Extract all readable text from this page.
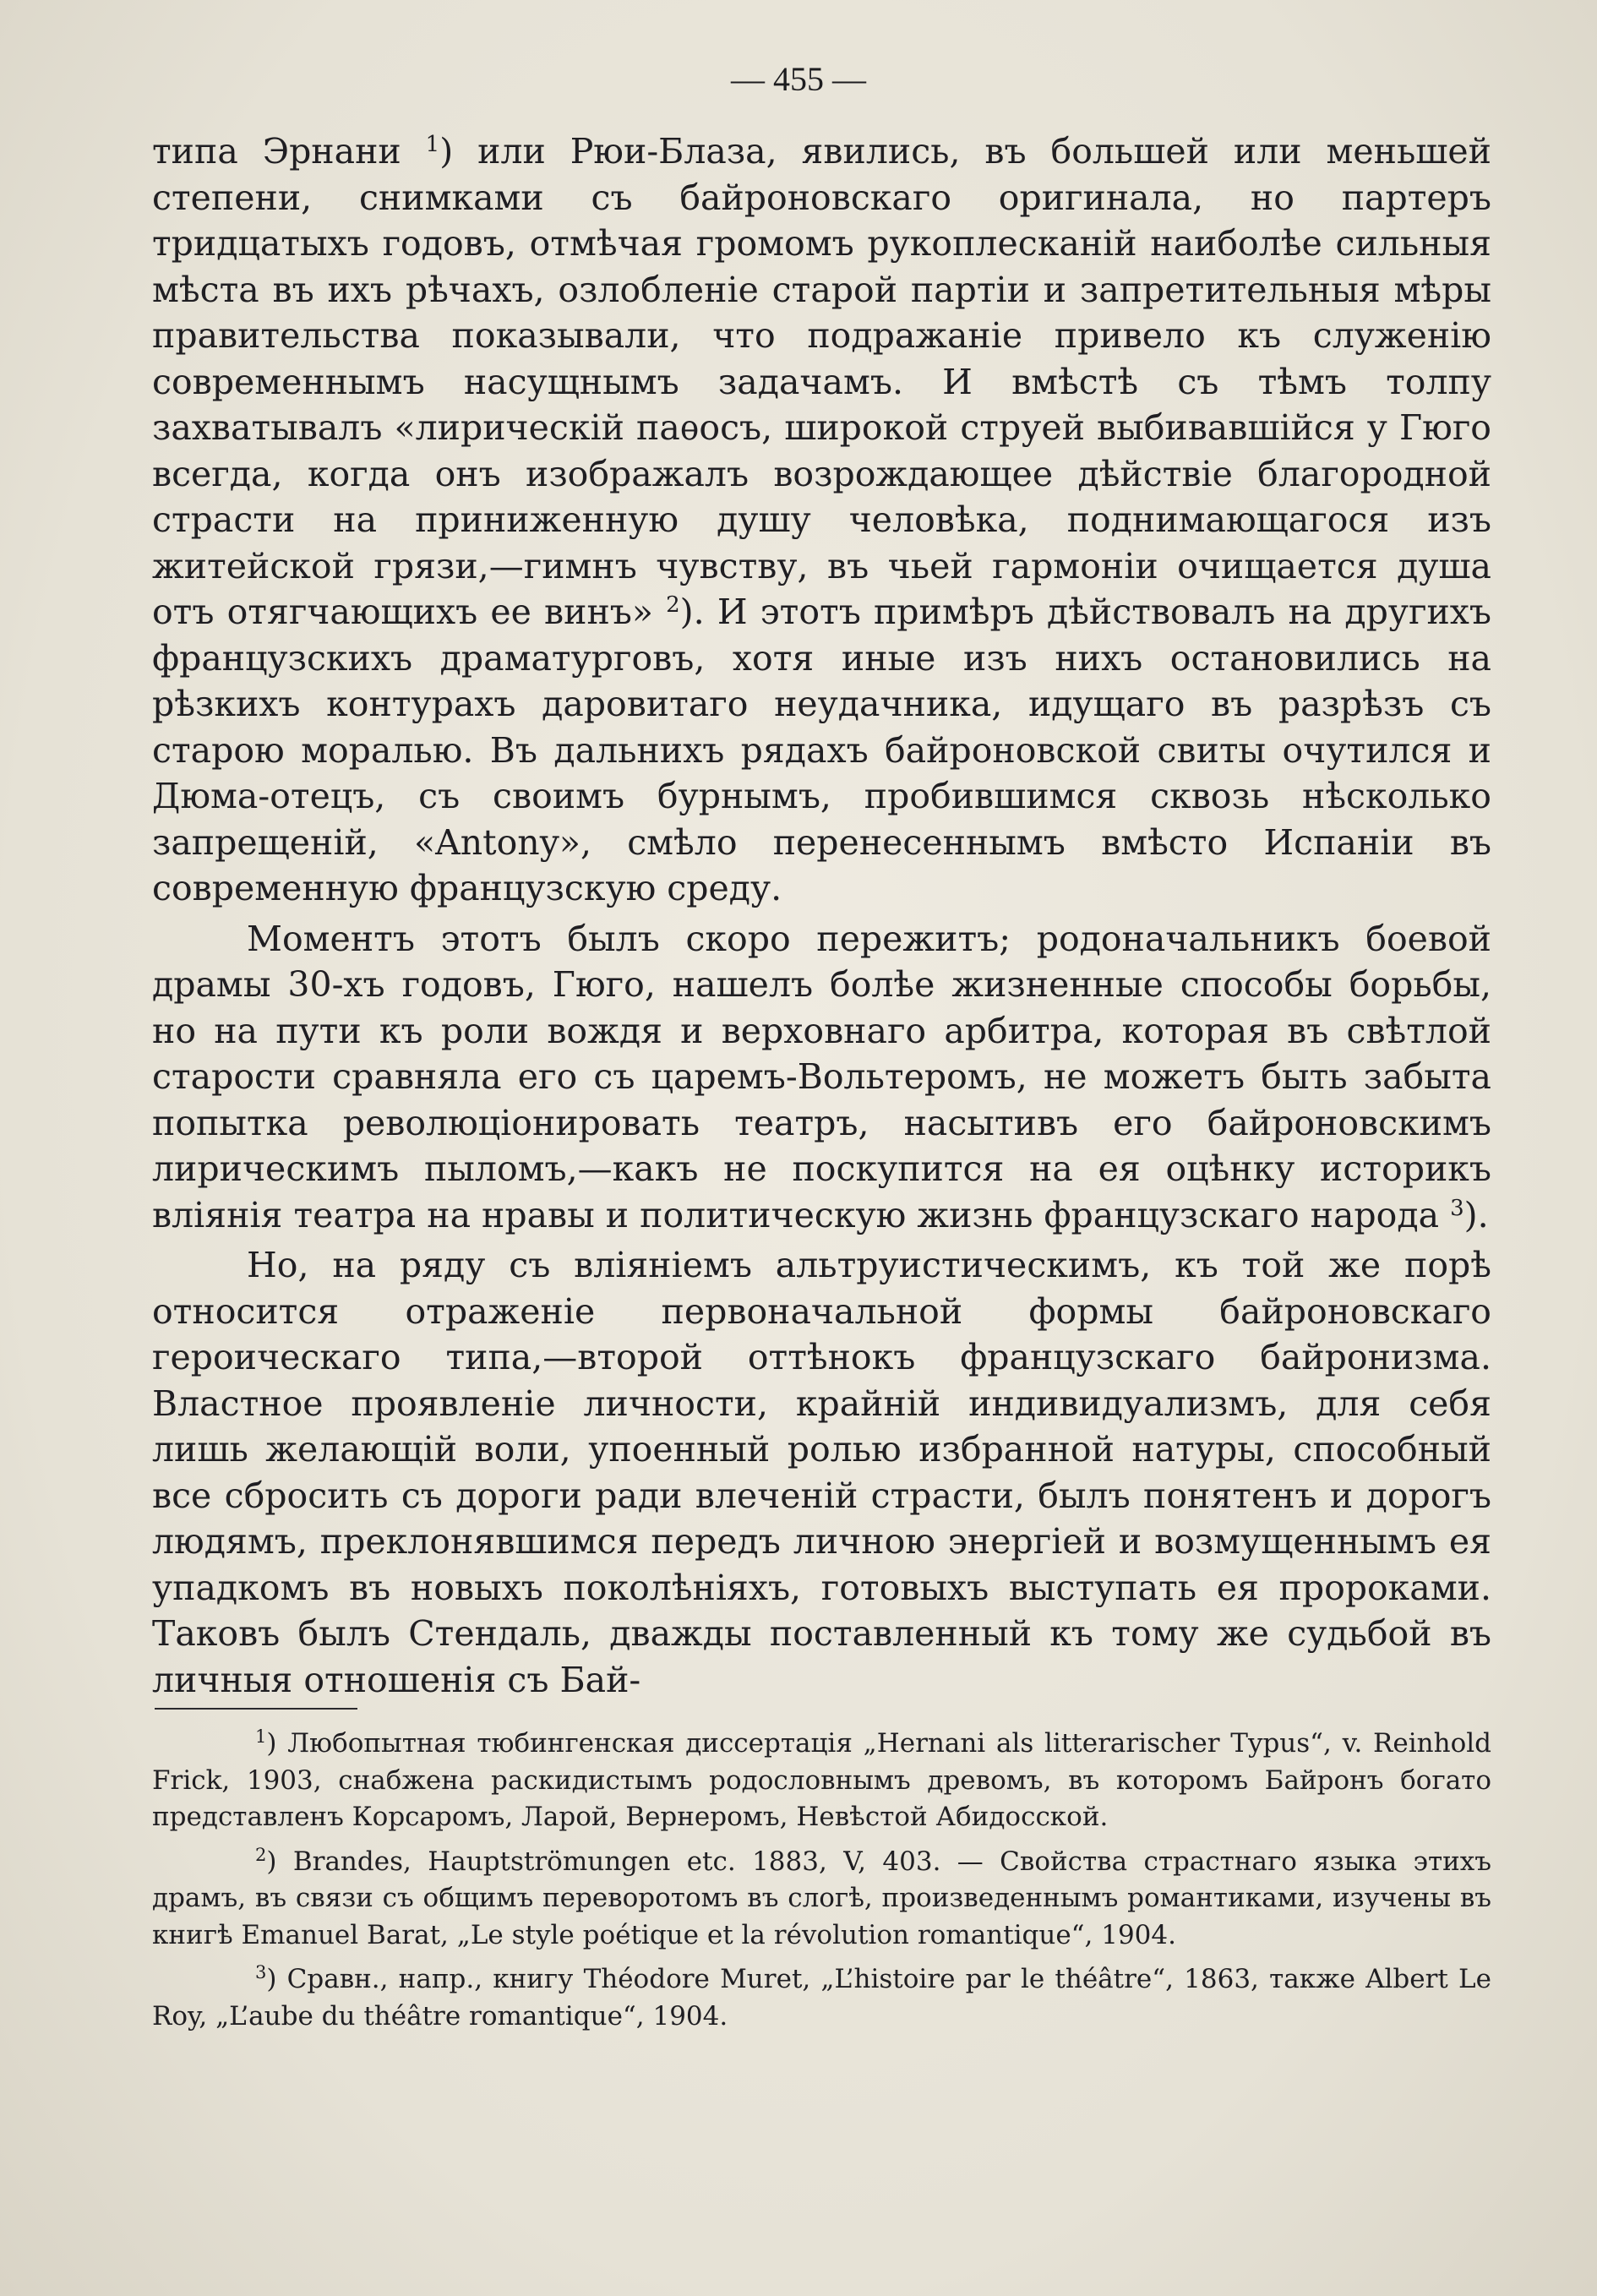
— 455 —

типа Эрнани $^1$) или Рюи-Блаза, явились, въ большей или меньшей степени, снимками съ байроновскаго оригинала, но партеръ тридцатыхъ годовъ, отмѣчая громомъ рукоплесканій наиболѣе сильныя мѣста въ ихъ рѣчахъ, озлобленіе старой партіи и запретительныя мѣры правительства показывали, что подражаніе привело къ служенію современнымъ насущнымъ задачамъ. И вмѣстѣ съ тѣмъ толпу захватывалъ «лирическій паѳосъ, широкой струей выбивавшійся у Гюго всегда, когда онъ изображалъ возрождающее дѣйствіе благородной страсти на приниженную душу человѣка, поднимающагося изъ житейской грязи,—гимнъ чувству, въ чьей гармоніи очищается душа отъ отягчающихъ ее винъ» $^2$). И этотъ примѣръ дѣйствовалъ на другихъ французскихъ драматурговъ, хотя иные изъ нихъ остановились на рѣзкихъ контурахъ даровитаго неудачника, идущаго въ разрѣзъ съ старою моралью. Въ дальнихъ рядахъ байроновской свиты очутился и Дюма-отецъ, съ своимъ бурнымъ, пробившимся сквозь нѣсколько запрещеній, «Antony», смѣло перенесеннымъ вмѣсто Испаніи въ современную французскую среду.

Моментъ этотъ былъ скоро пережитъ; родоначальникъ боевой драмы 30-хъ годовъ, Гюго, нашелъ болѣе жизненные способы борьбы, но на пути къ роли вождя и верховнаго арбитра, которая въ свѣтлой старости сравняла его съ царемъ-Вольтеромъ, не можетъ быть забыта попытка революціонировать театръ, насытивъ его байроновскимъ лирическимъ пыломъ,—какъ не поскупится на ея оцѣнку историкъ вліянія театра на нравы и политическую жизнь французскаго народа $^3$).

Но, на ряду съ вліяніемъ альтруистическимъ, къ той же порѣ относится отраженіе первоначальной формы байроновскаго героическаго типа,—второй оттѣнокъ французскаго байронизма. Властное проявленіе личности, крайній индивидуализмъ, для себя лишь желающій воли, упоенный ролью избранной натуры, способный все сбросить съ дороги ради влеченій страсти, былъ понятенъ и дорогъ людямъ, преклонявшимся передъ личною энергіей и возмущеннымъ ея упадкомъ въ новыхъ поколѣніяхъ, готовыхъ выступать ея пророками. Таковъ былъ Стендаль, дважды поставленный къ тому же судьбой въ личныя отношенія съ Бай-

$^1$) Любопытная тюбингенская диссертація „Hernani als litterarischer Typus“, v. Reinhold Frick, 1903, снабжена раскидистымъ родословнымъ древомъ, въ которомъ Байронъ богато представленъ Корсаромъ, Ларой, Вернеромъ, Невѣстой Абидосской.

$^2$) Brandes, Hauptströmungen etc. 1883, V, 403. — Свойства страстнаго языка этихъ драмъ, въ связи съ общимъ переворотомъ въ слогѣ, произведеннымъ романтиками, изучены въ книгѣ Emanuel Barat, „Le style poétique et la révolution romantique“, 1904.

$^3$) Сравн., напр., книгу Théodore Muret, „L’histoire par le théâtre“, 1863, также Albert Le Roy, „L’aube du théâtre romantique“, 1904.
